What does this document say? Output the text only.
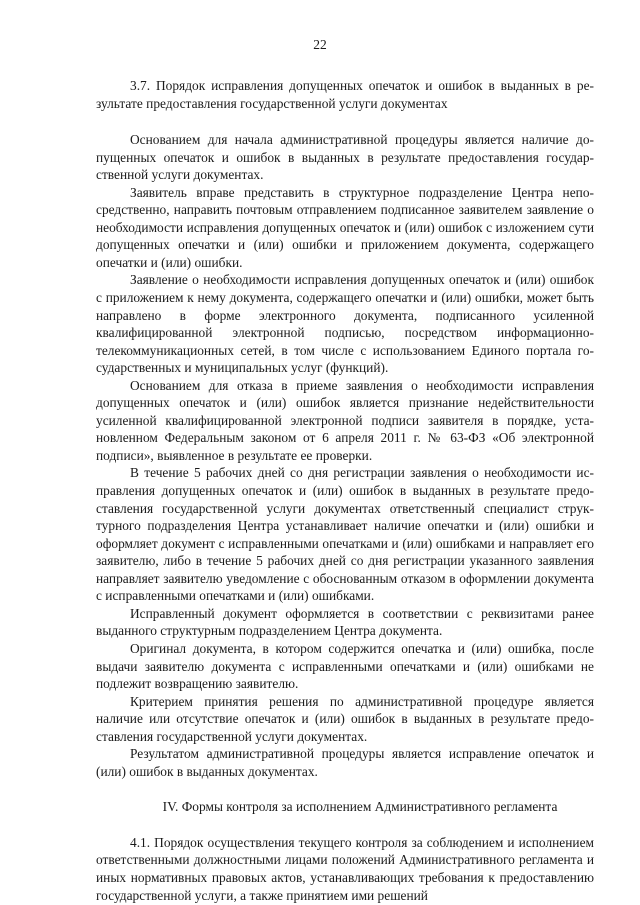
22

3.7. Порядок исправления допущенных опечаток и ошибок в выданных в результате предоставления государственной услуги документах

Основанием для начала административной процедуры является наличие допущенных опечаток и ошибок в выданных в результате предоставления государственной услуги документах.

Заявитель вправе представить в структурное подразделение Центра непосредственно, направить почтовым отправлением подписанное заявителем заявление о необходимости исправления допущенных опечаток и (или) ошибок с изложением сути допущенных опечатки и (или) ошибки и приложением документа, содержащего опечатки и (или) ошибки.

Заявление о необходимости исправления допущенных опечаток и (или) ошибок с приложением к нему документа, содержащего опечатки и (или) ошибки, может быть направлено в форме электронного документа, подписанного усиленной квалифицированной электронной подписью, посредством информационно-телекоммуникационных сетей, в том числе с использованием Единого портала государственных и муниципальных услуг (функций).

Основанием для отказа в приеме заявления о необходимости исправления допущенных опечаток и (или) ошибок является признание недействительности усиленной квалифицированной электронной подписи заявителя в порядке, установленном Федеральным законом от 6 апреля 2011 г. № 63-ФЗ «Об электронной подписи», выявленное в результате ее проверки.

В течение 5 рабочих дней со дня регистрации заявления о необходимости исправления допущенных опечаток и (или) ошибок в выданных в результате предоставления государственной услуги документах ответственный специалист структурного подразделения Центра устанавливает наличие опечатки и (или) ошибки и оформляет документ с исправленными опечатками и (или) ошибками и направляет его заявителю, либо в течение 5 рабочих дней со дня регистрации указанного заявления направляет заявителю уведомление с обоснованным отказом в оформлении документа с исправленными опечатками и (или) ошибками.

Исправленный документ оформляется в соответствии с реквизитами ранее выданного структурным подразделением Центра документа.

Оригинал документа, в котором содержится опечатка и (или) ошибка, после выдачи заявителю документа с исправленными опечатками и (или) ошибками не подлежит возвращению заявителю.

Критерием принятия решения по административной процедуре является наличие или отсутствие опечаток и (или) ошибок в выданных в результате предоставления государственной услуги документах.

Результатом административной процедуры является исправление опечаток и (или) ошибок в выданных документах.

IV. Формы контроля за исполнением Административного регламента

4.1. Порядок осуществления текущего контроля за соблюдением и исполнением ответственными должностными лицами положений Административного регламента и иных нормативных правовых актов, устанавливающих требования к предоставлению государственной услуги, а также принятием ими решений
